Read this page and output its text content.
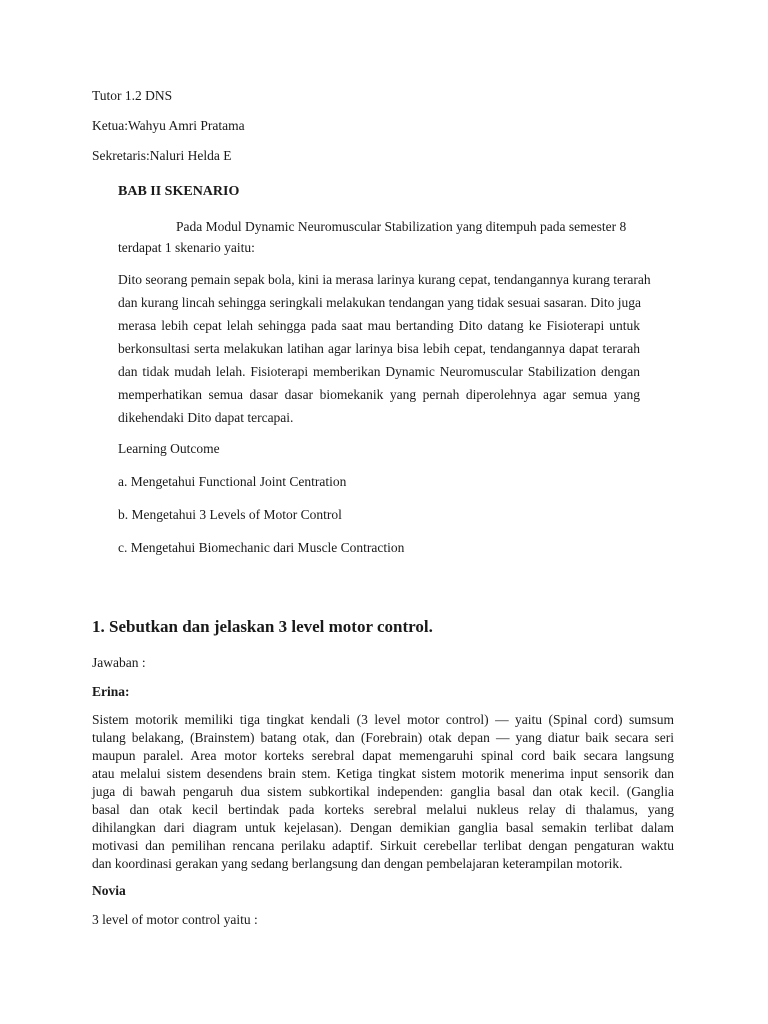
Tutor 1.2 DNS
Ketua:Wahyu Amri Pratama
Sekretaris:Naluri Helda E
BAB II SKENARIO
Pada Modul Dynamic Neuromuscular Stabilization yang ditempuh pada semester 8
terdapat 1 skenario yaitu:
Dito seorang pemain sepak bola, kini ia merasa larinya kurang cepat, tendangannya kurang terarah
dan kurang lincah sehingga seringkali melakukan tendangan yang tidak sesuai sasaran. Dito juga
merasa lebih cepat lelah sehingga pada saat mau bertanding Dito datang ke Fisioterapi untuk
berkonsultasi serta melakukan latihan agar larinya bisa lebih cepat, tendangannya dapat terarah
dan tidak mudah lelah. Fisioterapi memberikan Dynamic Neuromuscular Stabilization dengan
memperhatikan semua dasar dasar biomekanik yang pernah diperolehnya agar semua yang
dikehendaki Dito dapat tercapai.
Learning Outcome
a. Mengetahui Functional Joint Centration
b. Mengetahui 3 Levels of Motor Control
c. Mengetahui Biomechanic dari Muscle Contraction
1. Sebutkan dan jelaskan 3 level motor control.
Jawaban :
Erina:
Sistem motorik memiliki tiga tingkat kendali (3 level motor control) — yaitu (Spinal cord) sumsum
tulang belakang, (Brainstem) batang otak, dan (Forebrain) otak depan — yang diatur baik secara seri
maupun paralel. Area motor korteks serebral dapat memengaruhi spinal cord baik secara langsung
atau melalui sistem desendens brain stem. Ketiga tingkat sistem motorik menerima input sensorik dan
juga di bawah pengaruh dua sistem subkortikal independen: ganglia basal dan otak kecil. (Ganglia
basal dan otak kecil bertindak pada korteks serebral melalui nukleus relay di thalamus, yang
dihilangkan dari diagram untuk kejelasan). Dengan demikian ganglia basal semakin terlibat dalam
motivasi dan pemilihan rencana perilaku adaptif. Sirkuit cerebellar terlibat dengan pengaturan waktu
dan koordinasi gerakan yang sedang berlangsung dan dengan pembelajaran keterampilan motorik.
Novia
3 level of motor control yaitu :
